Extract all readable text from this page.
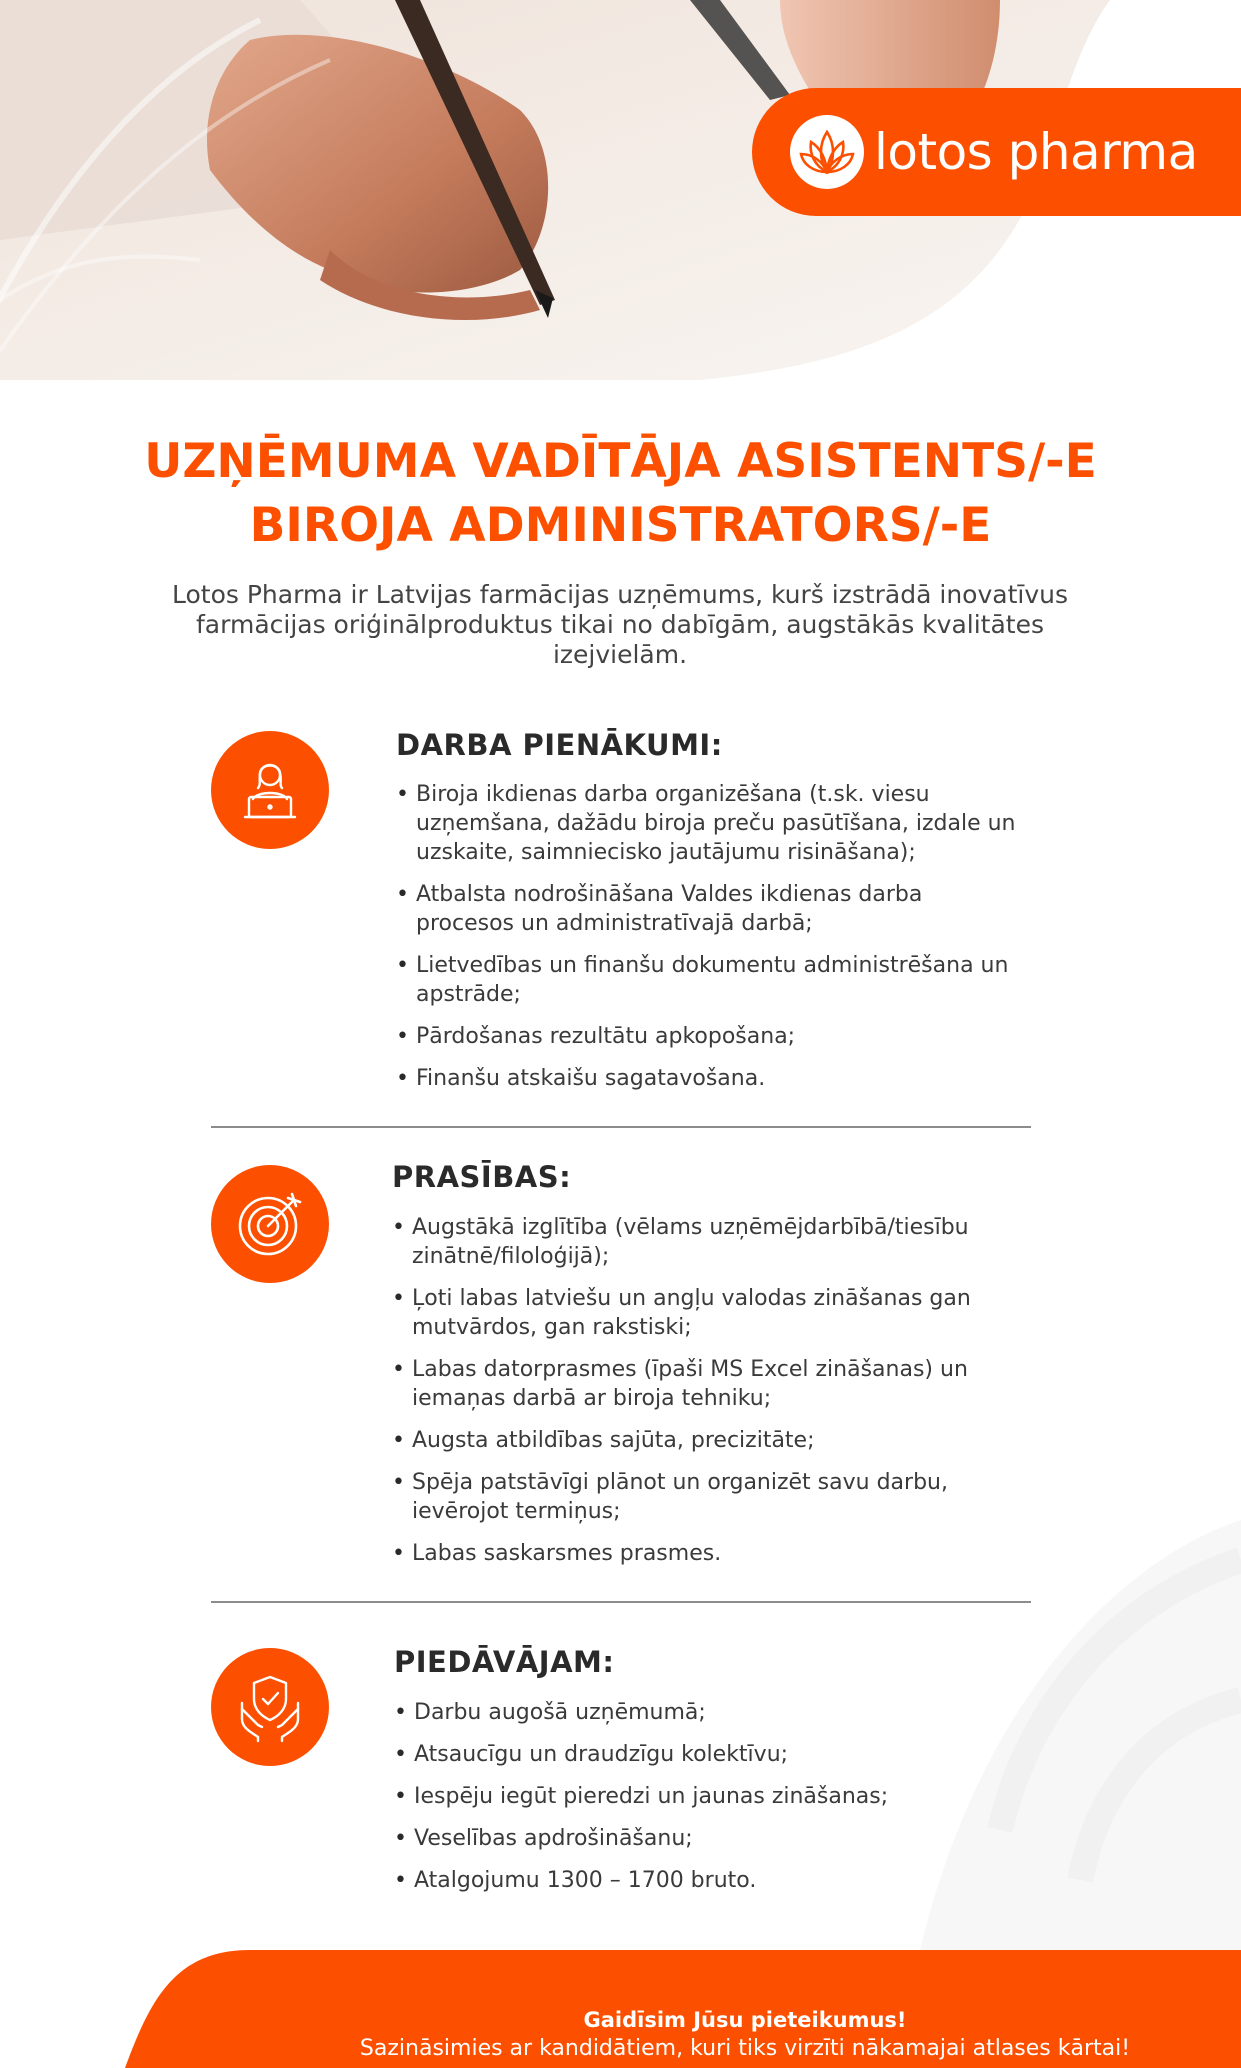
lotos pharma
UZŅĒMUMA VADĪTĀJA ASISTENTS/-E
BIROJA ADMINISTRATORS/-E

Lotos Pharma ir Latvijas farmācijas uzņēmums, kurš izstrādā inovatīvus farmācijas oriģinālproduktus tikai no dabīgām, augstākās kvalitātes izejvielām.

DARBA PIENĀKUMI:
• Biroja ikdienas darba organizēšana (t.sk. viesu uzņemšana, dažādu biroja preču pasūtīšana, izdale un uzskaite, saimniecisko jautājumu risināšana);
• Atbalsta nodrošināšana Valdes ikdienas darba procesos un administratīvajā darbā;
• Lietvedības un finanšu dokumentu administrēšana un apstrāde;
• Pārdošanas rezultātu apkopošana;
• Finanšu atskaišu sagatavošana.
PRASĪBAS:
• Augstākā izglītība (vēlams uzņēmējdarbībā/tiesību zinātnē/filoloģijā);
• Ļoti labas latviešu un angļu valodas zināšanas gan mutvārdos, gan rakstiski;
• Labas datorprasmes (īpaši MS Excel zināšanas) un iemaņas darbā ar biroja tehniku;
• Augsta atbildības sajūta, precizitāte;
• Spēja patstāvīgi plānot un organizēt savu darbu, ievērojot termiņus;
• Labas saskarsmes prasmes.
PIEDĀVĀJAM:
• Darbu augošā uzņēmumā;
• Atsaucīgu un draudzīgu kolektīvu;
• Iespēju iegūt pieredzi un jaunas zināšanas;
• Veselības apdrošināšanu;
• Atalgojumu 1300 – 1700 bruto.
Gaidīsim Jūsu pieteikumus!
Sazināsimies ar kandidātiem, kuri tiks virzīti nākamajai atlases kārtai!
